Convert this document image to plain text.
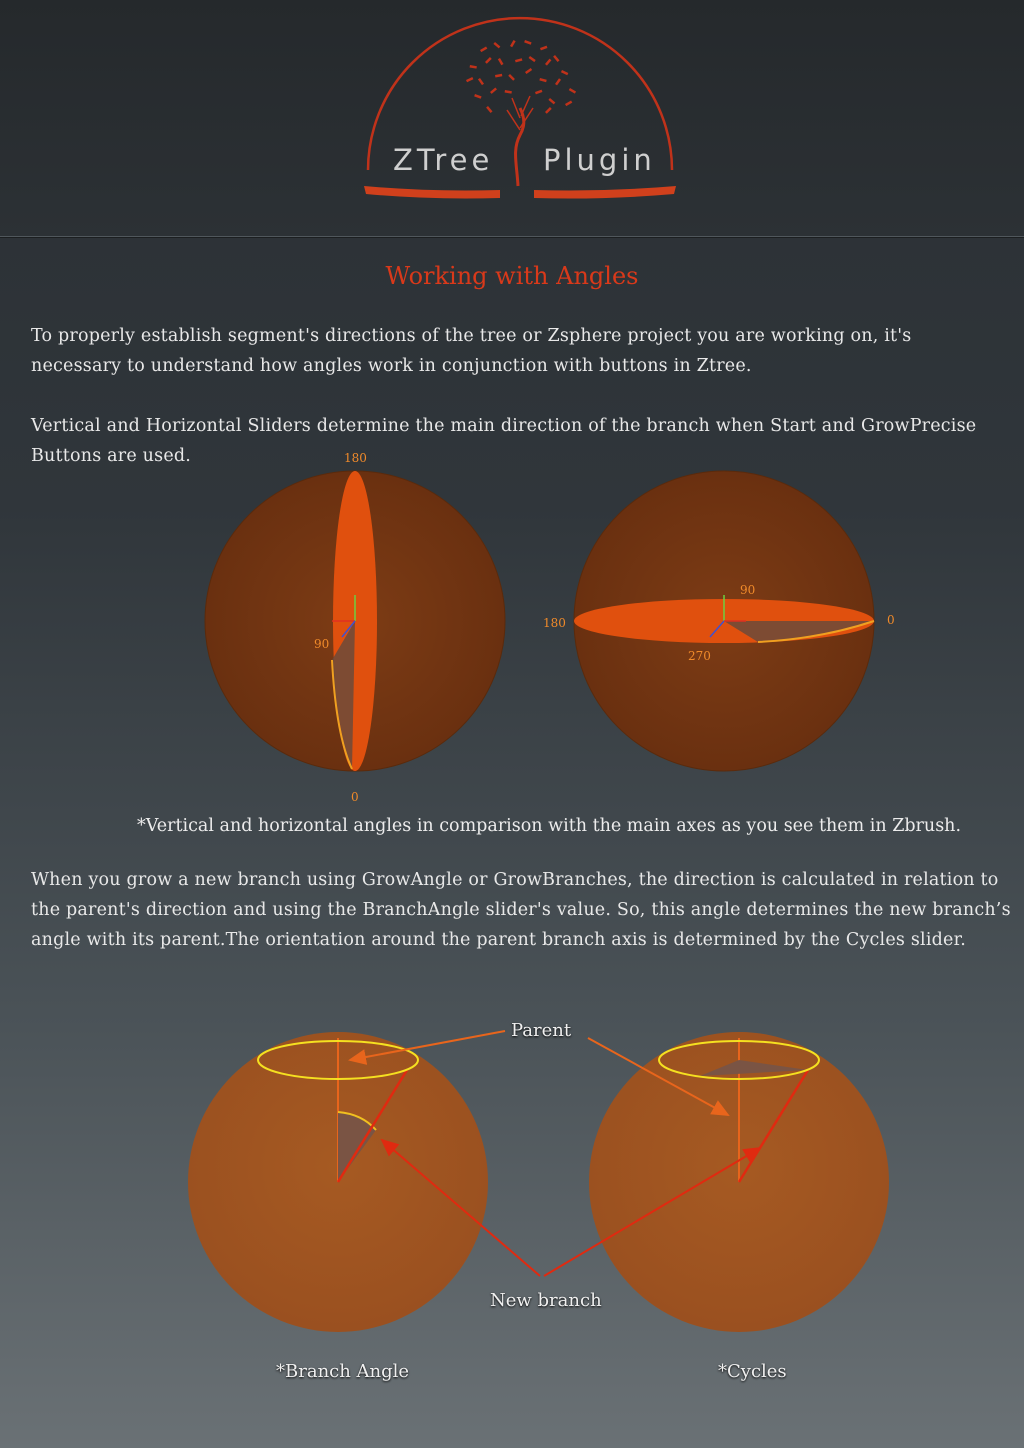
ZTree Plugin
Working with Angles

To properly establish segment's directions of the tree or Zsphere project you are working on, it's necessary to understand how angles work in conjunction with buttons in Ztree.

Vertical and Horizontal Sliders determine the main direction of the branch when Start and GrowPrecise Buttons are used.	180
90
0
90
180	0
270

*Vertical and horizontal angles in comparison with the main axes as you see them in Zbrush.

When you grow a new branch using GrowAngle or GrowBranches, the direction is calculated in relation to the parent's direction and using the BranchAngle slider's value. So, this angle determines the new branch’s angle with its parent.The orientation around the parent branch axis is determined by the Cycles slider.

Parent
New branch
*Branch Angle	*Cycles
